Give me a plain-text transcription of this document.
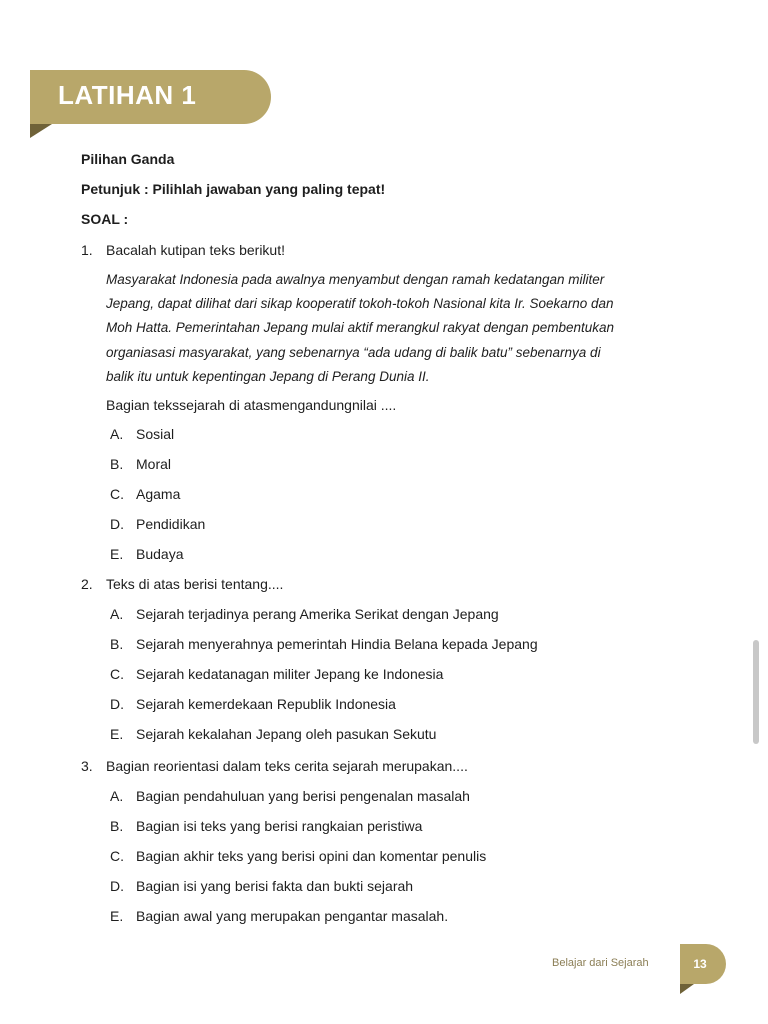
LATIHAN 1
Pilihan Ganda
Petunjuk : Pilihlah jawaban yang paling tepat!
SOAL :
1. Bacalah kutipan teks berikut!

Masyarakat Indonesia pada awalnya menyambut dengan ramah kedatangan militer

Jepang, dapat dilihat dari sikap kooperatif tokoh-tokoh Nasional kita Ir. Soekarno dan

Moh Hatta. Pemerintahan Jepang mulai aktif merangkul rakyat dengan pembentukan

organiasasi masyarakat, yang sebenarnya “ada udang di balik batu” sebenarnya di

balik itu untuk kepentingan Jepang di Perang Dunia II.

Bagian tekssejarah di atasmengandungnilai ....
A. Sosial
B. Moral
C. Agama
D. Pendidikan
E. Budaya
2. Teks di atas berisi tentang....
A. Sejarah terjadinya perang Amerika Serikat dengan Jepang
B. Sejarah menyerahnya pemerintah Hindia Belana kepada Jepang
C. Sejarah kedatanagan militer Jepang ke Indonesia
D. Sejarah kemerdekaan Republik Indonesia
E. Sejarah kekalahan Jepang oleh pasukan Sekutu
3. Bagian reorientasi dalam teks cerita sejarah merupakan....
A. Bagian pendahuluan yang berisi pengenalan masalah
B. Bagian isi teks yang berisi rangkaian peristiwa
C. Bagian akhir teks yang berisi opini dan komentar penulis
D. Bagian isi yang berisi fakta dan bukti sejarah
E. Bagian awal yang merupakan pengantar masalah.
Belajar dari Sejarah	13
